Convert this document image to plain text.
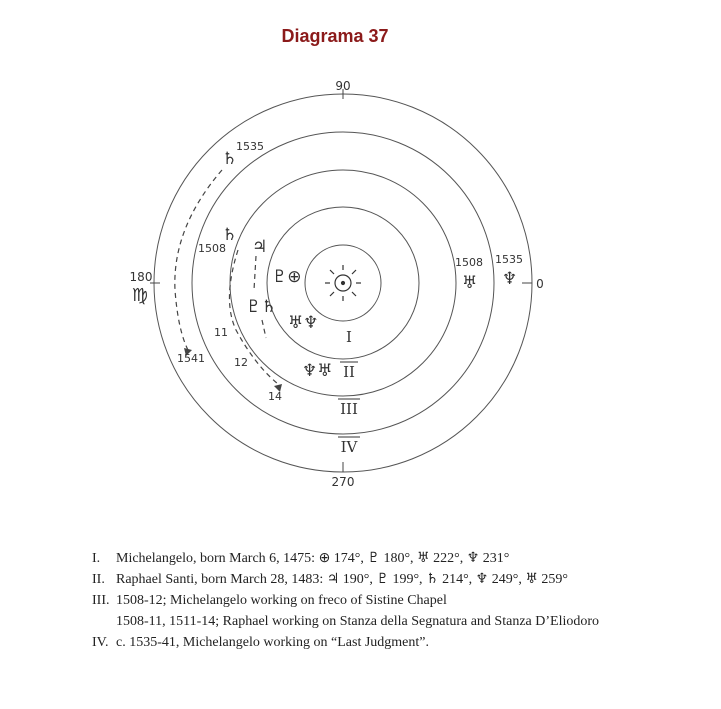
Diagrama 37
90
270
180
♍
0
♄
1535
♄
1508 ♃
♇⊕
♇♄
♅♆
♆♅
1541
11
12
14
1508 1535
♅ ♆
I
II
III
IV
I.	Michelangelo, born March 6, 1475: ⊕ 174°, ♇ 180°, ♅ 222°, ♆ 231°
II. Raphael Santi, born March 28, 1483: ♃ 190°, ♇ 199°, ♄ 214°, ♆ 249°, ♅ 259°
III. 1508-12; Michelangelo working on freco of Sistine Chapel
1508-11, 1511-14; Raphael working on Stanza della Segnatura and Stanza D’Eliodoro
IV. c. 1535-41, Michelangelo working on “Last Judgment”.
